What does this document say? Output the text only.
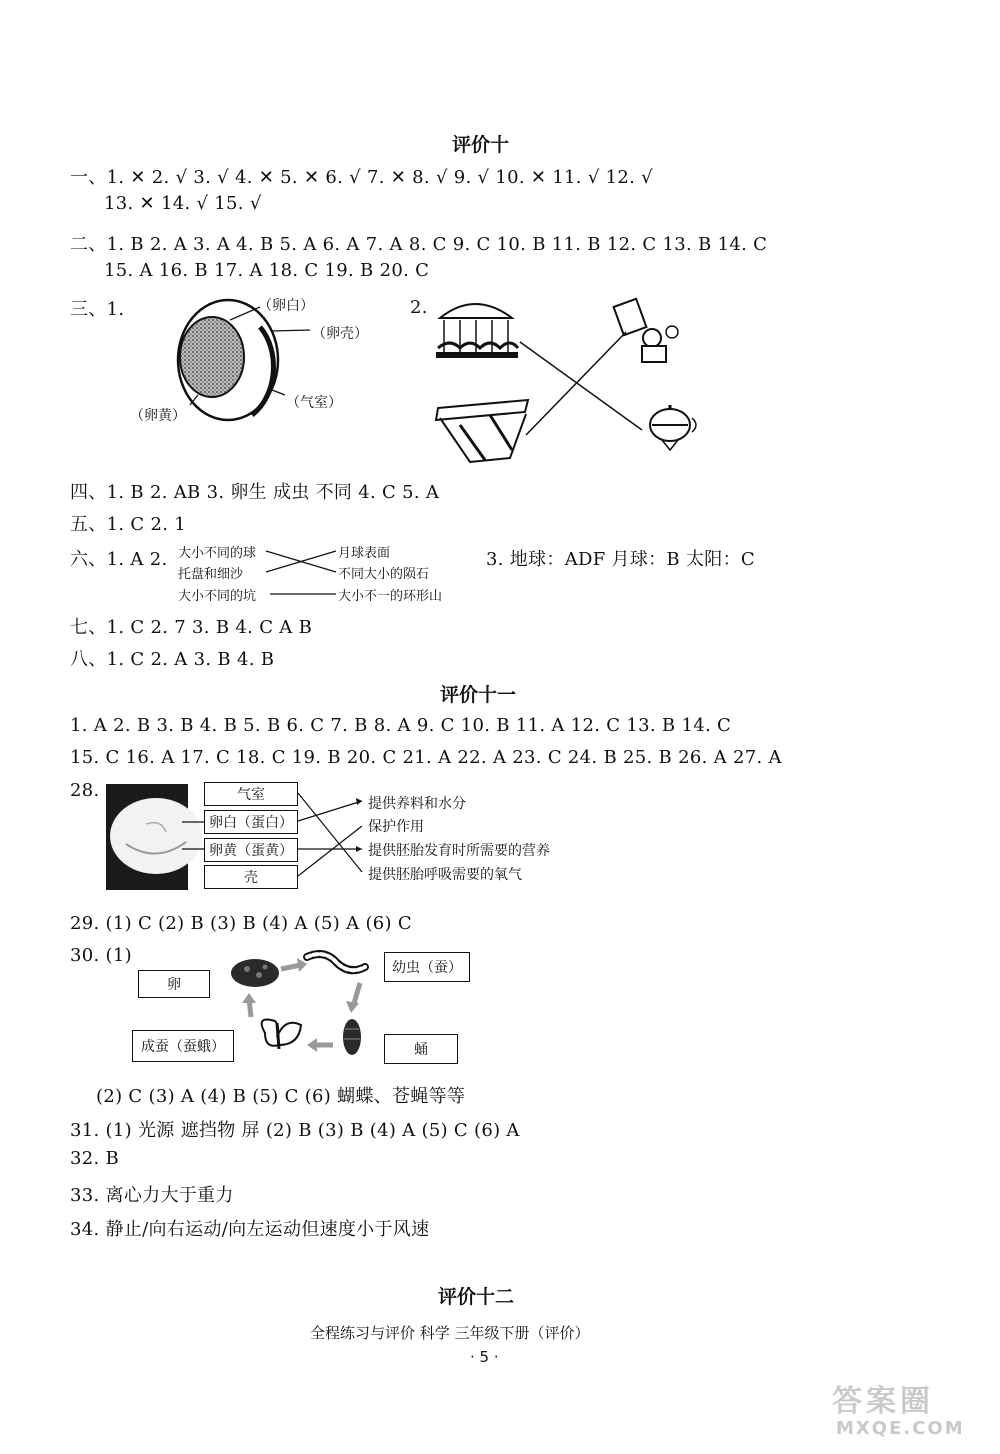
评价十
一、1. ✕ 2. √ 3. √ 4. ✕ 5. ✕ 6. √ 7. ✕ 8. √ 9. √ 10. ✕ 11. √ 12. √
13. ✕ 14. √ 15. √
二、1. B 2. A 3. A 4. B 5. A 6. A 7. A 8. C 9. C 10. B 11. B 12. C 13. B 14. C
15. A 16. B 17. A 18. C 19. B 20. C
三、1.	（卵白）
（卵壳）
（气室）
（卵黄）
2.
四、1. B 2. AB 3. 卵生 成虫 不同 4. C 5. A
五、1. C 2. 1
六、1. A 2. 大小不同的球
托盘和细沙
大小不同的坑
月球表面
不同大小的陨石
大小不一的环形山
3. 地球：ADF 月球：B 太阳：C
七、1. C 2. 7 3. B 4. C A B
八、1. C 2. A 3. B 4. B
评价十一
1. A 2. B 3. B 4. B 5. B 6. C 7. B 8. A 9. C 10. B 11. A 12. C 13. B 14. C
15. C 16. A 17. C 18. C 19. B 20. C 21. A 22. A 23. C 24. B 25. B 26. A 27. A
28.	气室
卵白（蛋白）
卵黄（蛋黄）
壳
提供养料和水分
保护作用
提供胚胎发育时所需要的营养
提供胚胎呼吸需要的氧气
29. (1) C (2) B (3) B (4) A (5) A (6) C
30. (1)
卵
幼虫（蚕）
成蚕（蚕蛾）	蛹
(2) C (3) A (4) B (5) C (6) 蝴蝶、苍蝇等等
31. (1) 光源 遮挡物 屏 (2) B (3) B (4) A (5) C (6) A
32. B
33. 离心力大于重力
34. 静止/向右运动/向左运动但速度小于风速
评价十二
全程练习与评价 科学 三年级下册（评价）
· 5 ·
答案圈
MXQE.COM
